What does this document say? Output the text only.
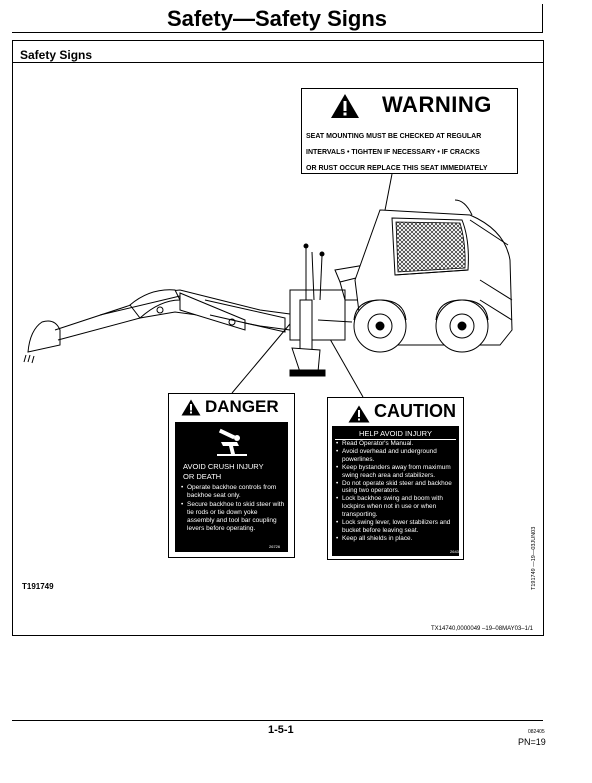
Safety—Safety Signs
Safety Signs
WARNING
SEAT MOUNTING MUST BE CHECKED AT REGULAR
INTERVALS • TIGHTEN IF NECESSARY • IF CRACKS
OR RUST OCCUR REPLACE THIS SEAT IMMEDIATELY
DANGER
AVOID CRUSH INJURY
OR DEATH
• Operate backhoe controls from backhoe seat only.
• Secure backhoe to skid steer with tie rods or tie down yoke assembly and tool bar coupling levers before operating.
26726
CAUTION
HELP AVOID INJURY
• Read Operator's Manual.
• Avoid overhead and underground powerlines.
• Keep bystanders away from maximum swing reach area and stabilizers.
• Do not operate skid steer and backhoe using two operators.
• Lock backhoe swing and boom with lockpins when not in use or when transporting.
• Lock swing lever, lower stabilizers and bucket before leaving seat.
• Keep all shields in place.
26430
T191749	T191749 —19—03JUN03
TX14740,0000049 –19–08MAY03–1/1
1-5-1	082405
PN=19
